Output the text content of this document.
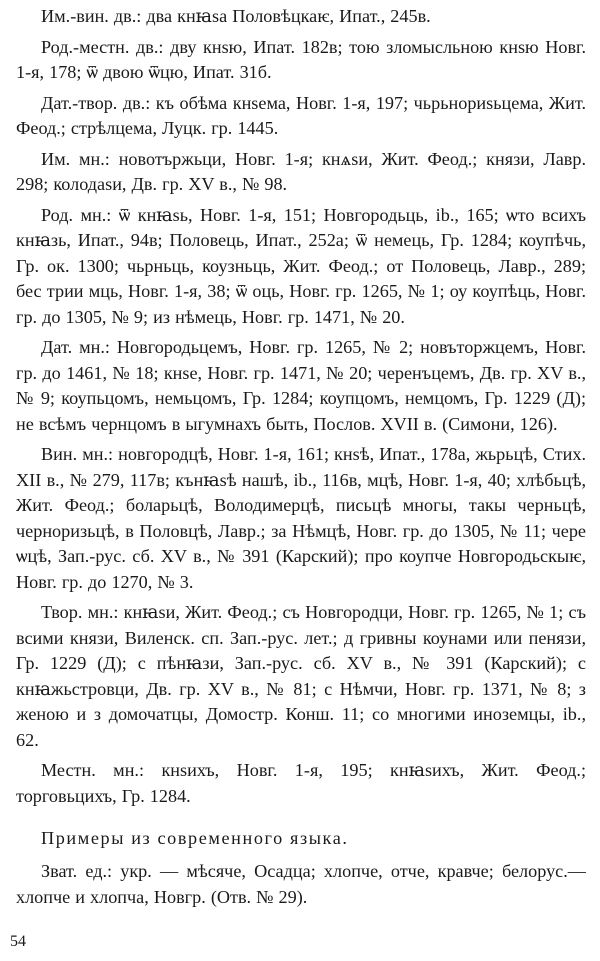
Им.-вин. дв.: два кнꙗѕа Половѣцкаѥ, Ипат., 245в.

Род.-местн. дв.: дву кнѕю, Ипат. 182в; тою зломысльною кнѕю Новг. 1-я, 178; ѿ двою ѿцю, Ипат. 31б.

Дат.-твор. дв.: къ обѣма кнѕема, Новг. 1-я, 197; чьрьнориѕьцема, Жит. Феод.; стрѣлцема, Луцк. гр. 1445.

Им. мн.: новотържьци, Новг. 1-я; кнѧѕи, Жит. Феод.; князи, Лавр. 298; колодаѕи, Дв. гр. XV в., № 98.

Род. мн.: ѿ кнꙗѕь, Новг. 1-я, 151; Новгородьць, ib., 165; ѡто всихъ кнꙗзь, Ипат., 94в; Половець, Ипат., 252а; ѿ немець, Гр. 1284; коупѣчь, Гр. ок. 1300; чьрньць, коузньць, Жит. Феод.; от Половець, Лавр., 289; бес трии мць, Новг. 1-я, 38; ѿ оць, Новг. гр. 1265, № 1; оу коупѣць, Новг. гр. до 1305, № 9; из нѣмець, Новг. гр. 1471, № 20.

Дат. мн.: Новгородьцемъ, Новг. гр. 1265, № 2; новъторжцемъ, Новг. гр. до 1461, № 18; кнѕе, Новг. гр. 1471, № 20; черенъцемъ, Дв. гр. XV в., № 9; коупьцомъ, немьцомъ, Гр. 1284; коупцомъ, немцомъ, Гр. 1229 (Д); не всѣмъ чернцомъ в ыгумнахъ быть, Послов. XVII в. (Симони, 126).

Вин. мн.: новгородцѣ, Новг. 1-я, 161; кнѕѣ, Ипат., 178а, жьрьцѣ, Стих. XII в., № 279, 117в; кънꙗѕѣ нашѣ, ib., 116в, мцѣ, Новг. 1-я, 40; хлѣбьцѣ, Жит. Феод.; боларьцѣ, Володимерцѣ, письцѣ многы, такы черньцѣ, черноризьцѣ, в Половцѣ, Лавр.; за Нѣмцѣ, Новг. гр. до 1305, № 11; чере ѡцѣ, Зап.-рус. сб. XV в., № 391 (Карский); про коупче Новгородьскыѥ, Новг. гр. до 1270, № 3.

Твор. мн.: кнꙗѕи, Жит. Феод.; съ Новгородци, Новг. гр. 1265, № 1; съ всими князи, Виленск. сп. Зап.-рус. лет.; д гривны коунами или пенязи, Гр. 1229 (Д); с пѣнꙗзи, Зап.-рус. сб. XV в., № 391 (Карский); с кнꙗжьстровци, Дв. гр. XV в., № 81; с Нѣмчи, Новг. гр. 1371, № 8; з женою и з домочатцы, Домостр. Конш. 11; со многими иноземцы, ib., 62.

Местн. мн.: кнѕихъ, Новг. 1-я, 195; кнꙗѕихъ, Жит. Феод.; торговьцихъ, Гр. 1284.

Примеры из современного языка.

Зват. ед.: укр. — мѣсяче, Осадца; хлопче, отче, кравче; белорус.— хлопче и хлопча, Новгр. (Отв. № 29).

54
